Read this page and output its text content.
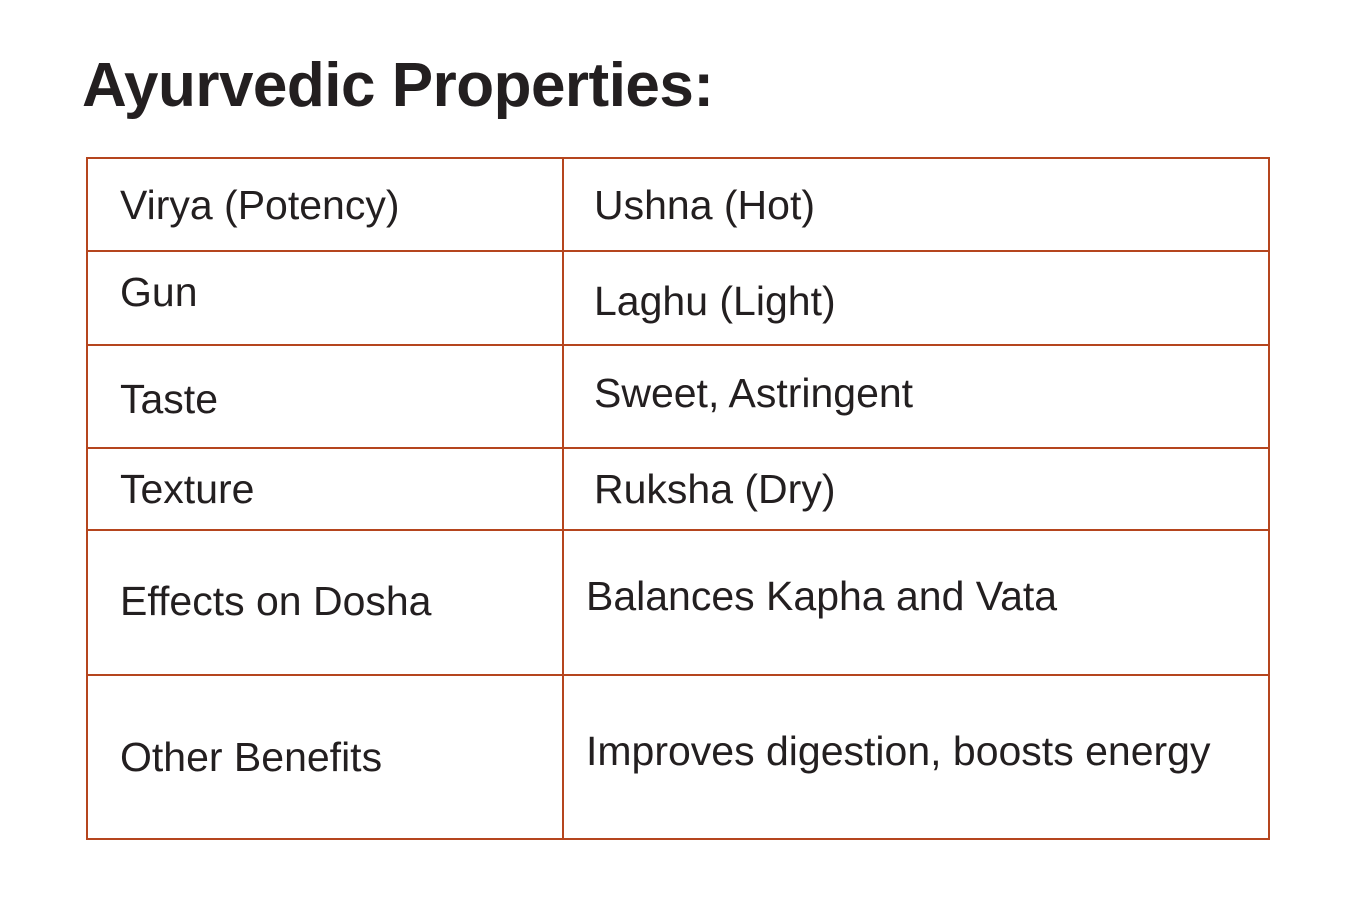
Ayurvedic Properties:
Virya (Potency)	Ushna (Hot)

Gun	Laghu (Light)

Taste	Sweet, Astringent

Texture	Ruksha (Dry)

Effects on Dosha	Balances Kapha and Vata

Other Benefits	Improves digestion, boosts energy
